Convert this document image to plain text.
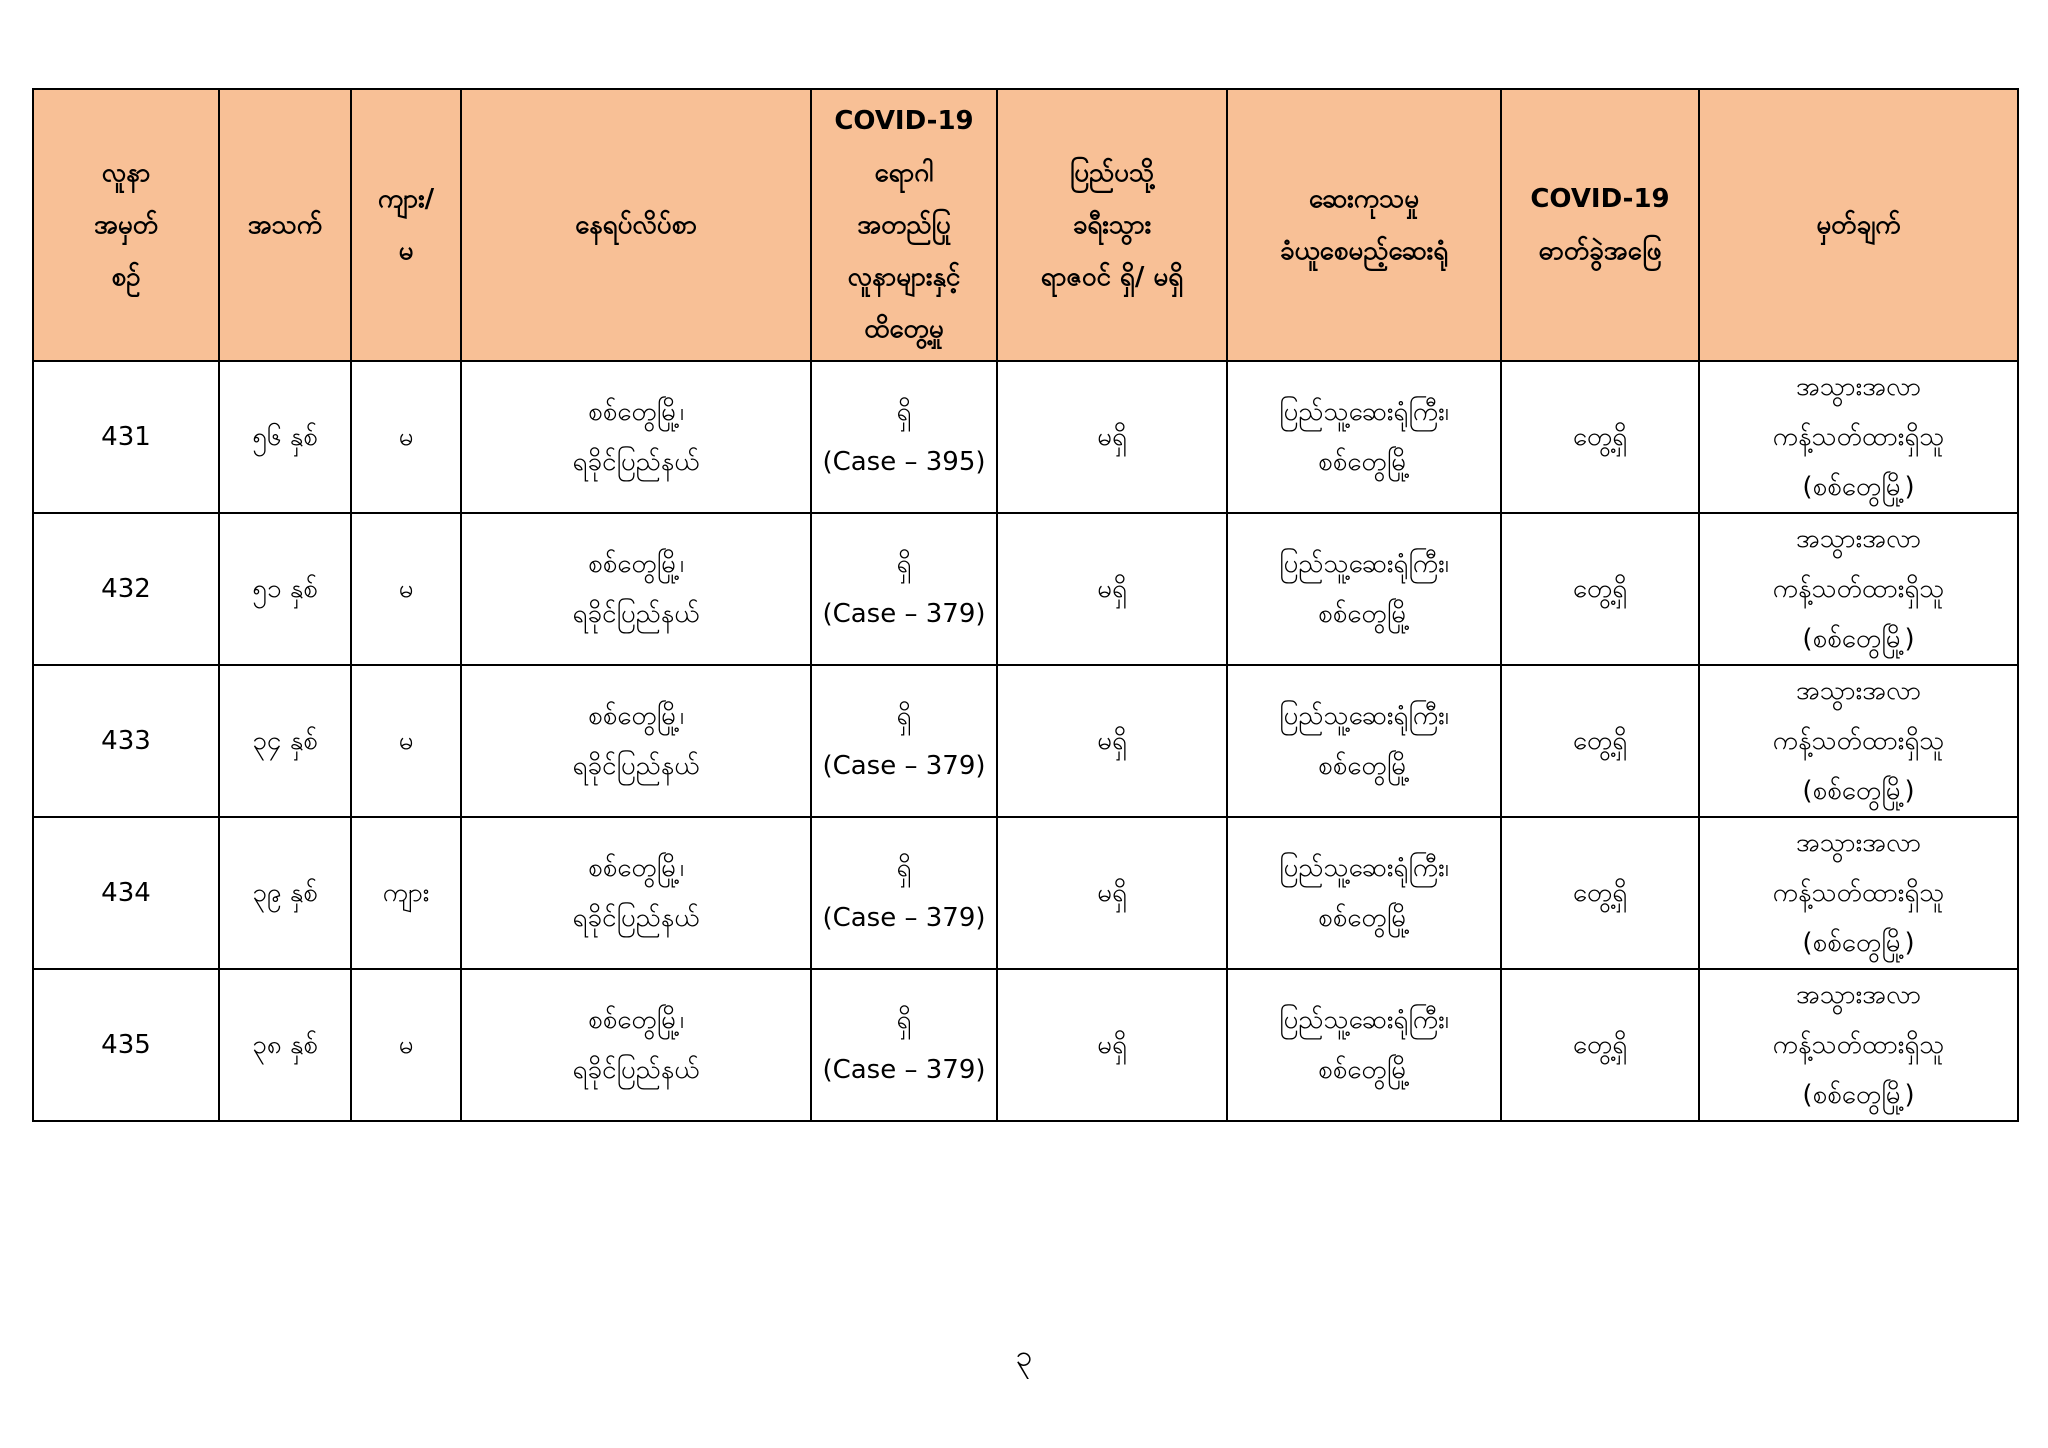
လူနာ
အမှတ်
စဉ်	အသက်	ကျား/
မ	နေရပ်လိပ်စာ	COVID-19
ရောဂါ
အတည်ပြု
လူနာများနှင့်
ထိတွေ့မှု	ပြည်ပသို့
ခရီးသွား
ရာဇဝင် ရှိ/ မရှိ	ဆေးကုသမှု
ခံယူစေမည့်ဆေးရုံ	COVID-19
ဓာတ်ခွဲအဖြေ	မှတ်ချက်

431	၅၆ နှစ်	မ	စစ်တွေမြို့၊
ရခိုင်ပြည်နယ်	ရှိ
(Case – 395)	မရှိ	ပြည်သူ့ဆေးရုံကြီး၊
စစ်တွေမြို့	တွေ့ရှိ	အသွားအလာ
ကန့်သတ်ထားရှိသူ
(စစ်တွေမြို့)

432	၅၁ နှစ်	မ	စစ်တွေမြို့၊
ရခိုင်ပြည်နယ်	ရှိ
(Case – 379)	မရှိ	ပြည်သူ့ဆေးရုံကြီး၊
စစ်တွေမြို့	တွေ့ရှိ	အသွားအလာ
ကန့်သတ်ထားရှိသူ
(စစ်တွေမြို့)

433	၃၄ နှစ်	မ	စစ်တွေမြို့၊
ရခိုင်ပြည်နယ်	ရှိ
(Case – 379)	မရှိ	ပြည်သူ့ဆေးရုံကြီး၊
စစ်တွေမြို့	တွေ့ရှိ	အသွားအလာ
ကန့်သတ်ထားရှိသူ
(စစ်တွေမြို့)

434	၃၉ နှစ်	ကျား	စစ်တွေမြို့၊
ရခိုင်ပြည်နယ်	ရှိ
(Case – 379)	မရှိ	ပြည်သူ့ဆေးရုံကြီး၊
စစ်တွေမြို့	တွေ့ရှိ	အသွားအလာ
ကန့်သတ်ထားရှိသူ
(စစ်တွေမြို့)

435	၃၈ နှစ်	မ	စစ်တွေမြို့၊
ရခိုင်ပြည်နယ်	ရှိ
(Case – 379)	မရှိ	ပြည်သူ့ဆေးရုံကြီး၊
စစ်တွေမြို့	တွေ့ရှိ	အသွားအလာ
ကန့်သတ်ထားရှိသူ
(စစ်တွေမြို့)
၃
